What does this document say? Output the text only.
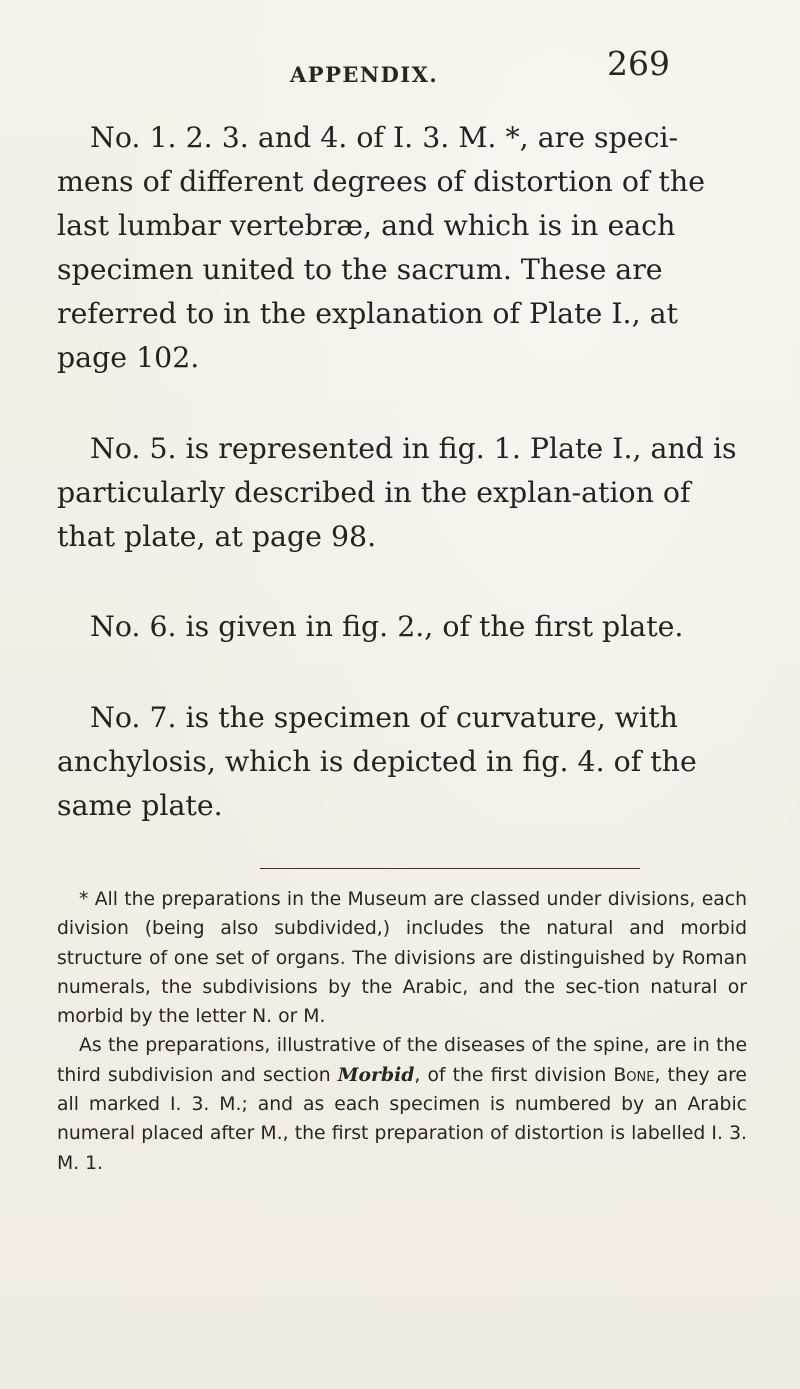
APPENDIX.	269

No. 1. 2. 3. and 4. of I. 3. M. *, are speci-mens of different degrees of distortion of the last lumbar vertebræ, and which is in each specimen united to the sacrum. These are referred to in the explanation of Plate I., at page 102.

No. 5. is represented in fig. 1. Plate I., and is particularly described in the explan-ation of that plate, at page 98.

No. 6. is given in fig. 2., of the first plate.

No. 7. is the specimen of curvature, with anchylosis, which is depicted in fig. 4. of the same plate.

* All the preparations in the Museum are classed under divisions, each division (being also subdivided,) includes the natural and morbid structure of one set of organs. The divisions are distinguished by Roman numerals, the subdivisions by the Arabic, and the sec-tion natural or morbid by the letter N. or M.

As the preparations, illustrative of the diseases of the spine, are in the third subdivision and section Morbid, of the first division Bone, they are all marked I. 3. M.; and as each specimen is numbered by an Arabic numeral placed after M., the first preparation of distortion is labelled I. 3. M. 1.
